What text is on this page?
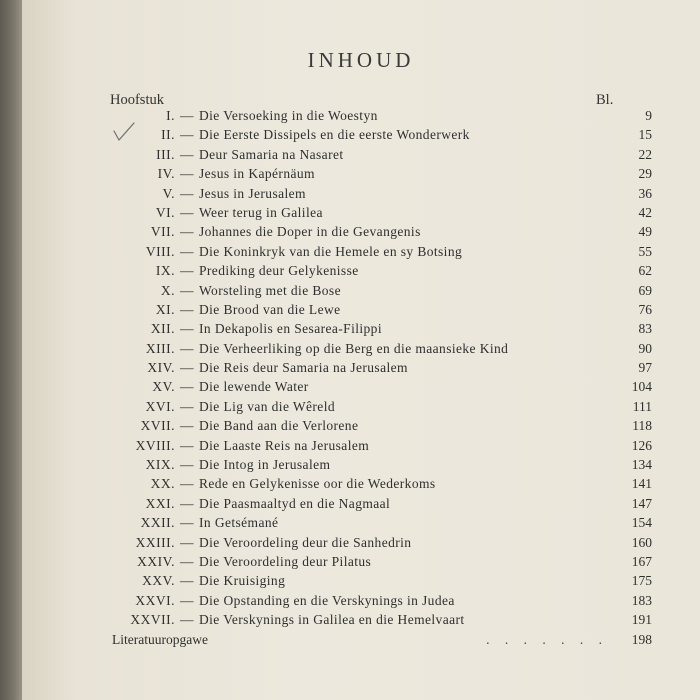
INHOUD
Hoofstuk	Bl.
I. — Die Versoeking in die Woestyn	9
II. — Die Eerste Dissipels en die eerste Wonderwerk	15
III. — Deur Samaria na Nasaret	22
IV. — Jesus in Kapérnäum	29
V. — Jesus in Jerusalem	36
VI. — Weer terug in Galilea	42
VII. — Johannes die Doper in die Gevangenis	49
VIII. — Die Koninkryk van die Hemele en sy Botsing	55
IX. — Prediking deur Gelykenisse	62
X. — Worsteling met die Bose	69
XI. — Die Brood van die Lewe	76
XII. — In Dekapolis en Sesarea-Filippi	83
XIII. — Die Verheerliking op die Berg en die maansieke Kind	90
XIV. — Die Reis deur Samaria na Jerusalem	97
XV. — Die lewende Water	104
XVI. — Die Lig van die Wêreld	111
XVII. — Die Band aan die Verlorene	118
XVIII. — Die Laaste Reis na Jerusalem	126
XIX. — Die Intog in Jerusalem	134
XX. — Rede en Gelykenisse oor die Wederkoms	141
XXI. — Die Paasmaaltyd en die Nagmaal	147
XXII. — In Getsémané	154
XXIII. — Die Veroordeling deur die Sanhedrin	160
XXIV. — Die Veroordeling deur Pilatus	167
XXV. — Die Kruisiging	175
XXVI. — Die Opstanding en die Verskynings in Judea	183
XXVII. — Die Verskynings in Galilea en die Hemelvaart	191
Literatuuropgawe	. . . . . . . 198
